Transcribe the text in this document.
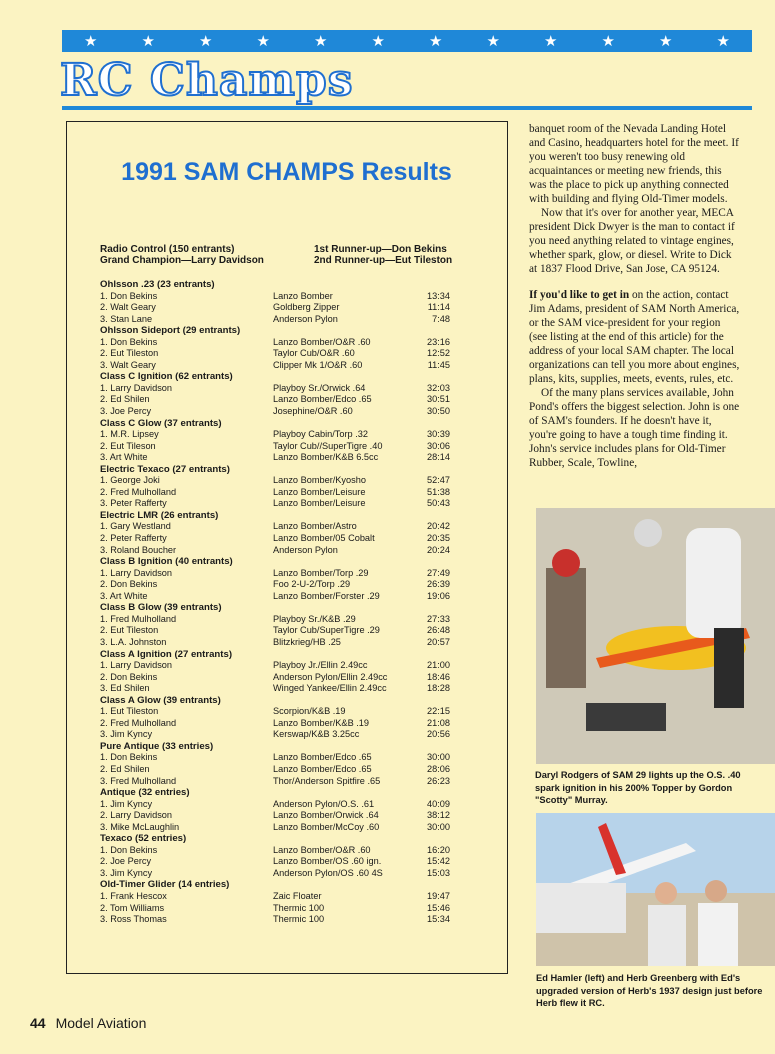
★	★	★	★	★	★	★	★	★	★	★	★
RC Champs
1991 SAM CHAMPS Results
Radio Control (150 entrants)
Grand Champion—Larry Davidson
1st Runner-up—Don Bekins
2nd Runner-up—Eut Tileston
Ohlsson .23 (23 entrants)
1. Don Bekins	Lanzo Bomber	13:34
2. Walt Geary	Goldberg Zipper	11:14
3. Stan Lane	Anderson Pylon	7:48
Ohlsson Sideport (29 entrants)
1. Don Bekins	Lanzo Bomber/O&R .60	23:16
2. Eut Tileston	Taylor Cub/O&R .60	12:52
3. Walt Geary	Clipper Mk 1/O&R .60	11:45
Class C Ignition (62 entrants)
1. Larry Davidson	Playboy Sr./Orwick .64	32:03
2. Ed Shilen	Lanzo Bomber/Edco .65	30:51
3. Joe Percy	Josephine/O&R .60	30:50
Class C Glow (37 entrants)
1. M.R. Lipsey	Playboy Cabin/Torp .32	30:39
2. Eut Tileson	Taylor Cub//SuperTigre .40	30:06
3. Art White	Lanzo Bomber/K&B 6.5cc	28:14
Electric Texaco (27 entrants)
1. George Joki	Lanzo Bomber/Kyosho	52:47
2. Fred Mulholland	Lanzo Bomber/Leisure	51:38
3. Peter Rafferty	Lanzo Bomber/Leisure	50:43
Electric LMR (26 entrants)
1. Gary Westland	Lanzo Bomber/Astro	20:42
2. Peter Rafferty	Lanzo Bomber/05 Cobalt	20:35
3. Roland Boucher	Anderson Pylon	20:24
Class B Ignition (40 entrants)
1. Larry Davidson	Lanzo Bomber/Torp .29	27:49
2. Don Bekins	Foo 2-U-2/Torp .29	26:39
3. Art White	Lanzo Bomber/Forster .29	19:06
Class B Glow (39 entrants)
1. Fred Mulholland	Playboy Sr./K&B .29	27:33
2. Eut Tileston	Taylor Cub/SuperTigre .29	26:48
3. L.A. Johnston	Blitzkrieg/HB .25	20:57
Class A Ignition (27 entrants)
1. Larry Davidson	Playboy Jr./Ellin 2.49cc	21:00
2. Don Bekins	Anderson Pylon/Ellin 2.49cc	18:46
3. Ed Shilen	Winged Yankee/Ellin 2.49cc	18:28
Class A Glow (39 entrants)
1. Eut Tileston	Scorpion/K&B .19	22:15
2. Fred Mulholland	Lanzo Bomber/K&B .19	21:08
3. Jim Kyncy	Kerswap/K&B 3.25cc	20:56
Pure Antique (33 entries)
1. Don Bekins	Lanzo Bomber/Edco .65	30:00
2. Ed Shilen	Lanzo Bomber/Edco .65	28:06
3. Fred Mulholland	Thor/Anderson Spitfire .65	26:23
Antique (32 entries)
1. Jim Kyncy	Anderson Pylon/O.S. .61	40:09
2. Larry Davidson	Lanzo Bomber/Orwick .64	38:12
3. Mike McLaughlin	Lanzo Bomber/McCoy .60	30:00
Texaco (52 entries)
1. Don Bekins	Lanzo Bomber/O&R .60	16:20
2. Joe Percy	Lanzo Bomber/OS .60 ign.	15:42
3. Jim Kyncy	Anderson Pylon/OS .60 4S	15:03
Old-Timer Glider (14 entries)
1. Frank Hescox	Zaic Floater	19:47
2. Tom Williams	Thermic 100	15:46
3. Ross Thomas	Thermic 100	15:34

banquet room of the Nevada Landing Hotel and Casino, headquarters hotel for the meet. If you weren't too busy renewing old acquaintances or meeting new friends, this was the place to pick up anything connected with building and flying Old-Timer models.

Now that it's over for another year, MECA president Dick Dwyer is the man to contact if you need anything related to vintage engines, whether spark, glow, or diesel. Write to Dick at 1837 Flood Drive, San Jose, CA 95124.

If you'd like to get in on the action, contact Jim Adams, president of SAM North America, or the SAM vice-president for your region (see listing at the end of this article) for the address of your local SAM chapter. The local organizations can tell you more about engines, plans, kits, supplies, meets, events, rules, etc.

Of the many plans services available, John Pond's offers the biggest selection. John is one of SAM's founders. If he doesn't have it, you're going to have a tough time finding it. John's service includes plans for Old-Timer Rubber, Scale, Towline,

Daryl Rodgers of SAM 29 lights up the O.S. .40 spark ignition in his 200% Topper by Gordon "Scotty" Murray.
Ed Hamler (left) and Herb Greenberg with Ed's upgraded version of Herb's 1937 design just before Herb flew it RC.
44 Model Aviation
